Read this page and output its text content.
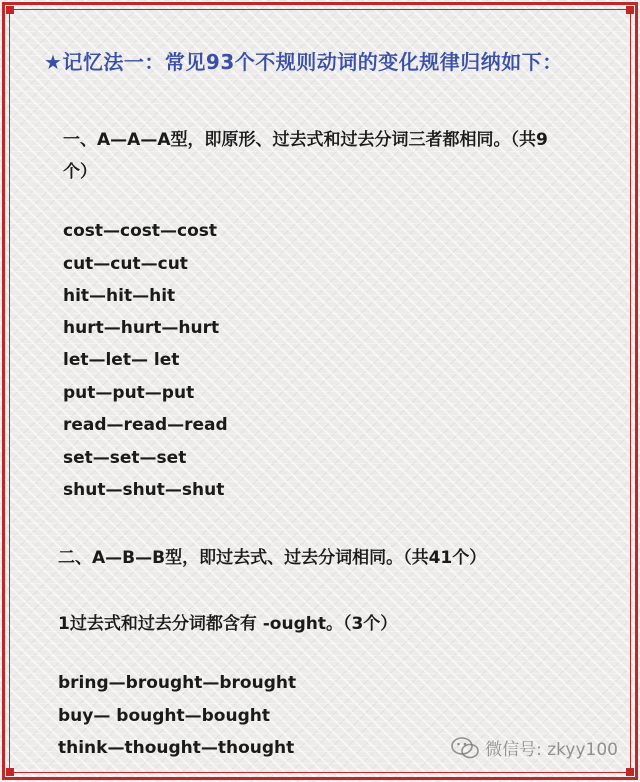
★记忆法一：常见93个不规则动词的变化规律归纳如下：
一、A—A—A型，即原形、过去式和过去分词三者都相同。（共9
个）
cost—cost—cost
cut—cut—cut
hit—hit—hit
hurt—hurt—hurt
let—let— let
put—put—put
read—read—read
set—set—set
shut—shut—shut
二、A—B—B型，即过去式、过去分词相同。（共41个）
1过去式和过去分词都含有 -ought。（3个）
bring—brought—brought
buy— bought—bought
think—thought—thought	微信号: zkyy100
